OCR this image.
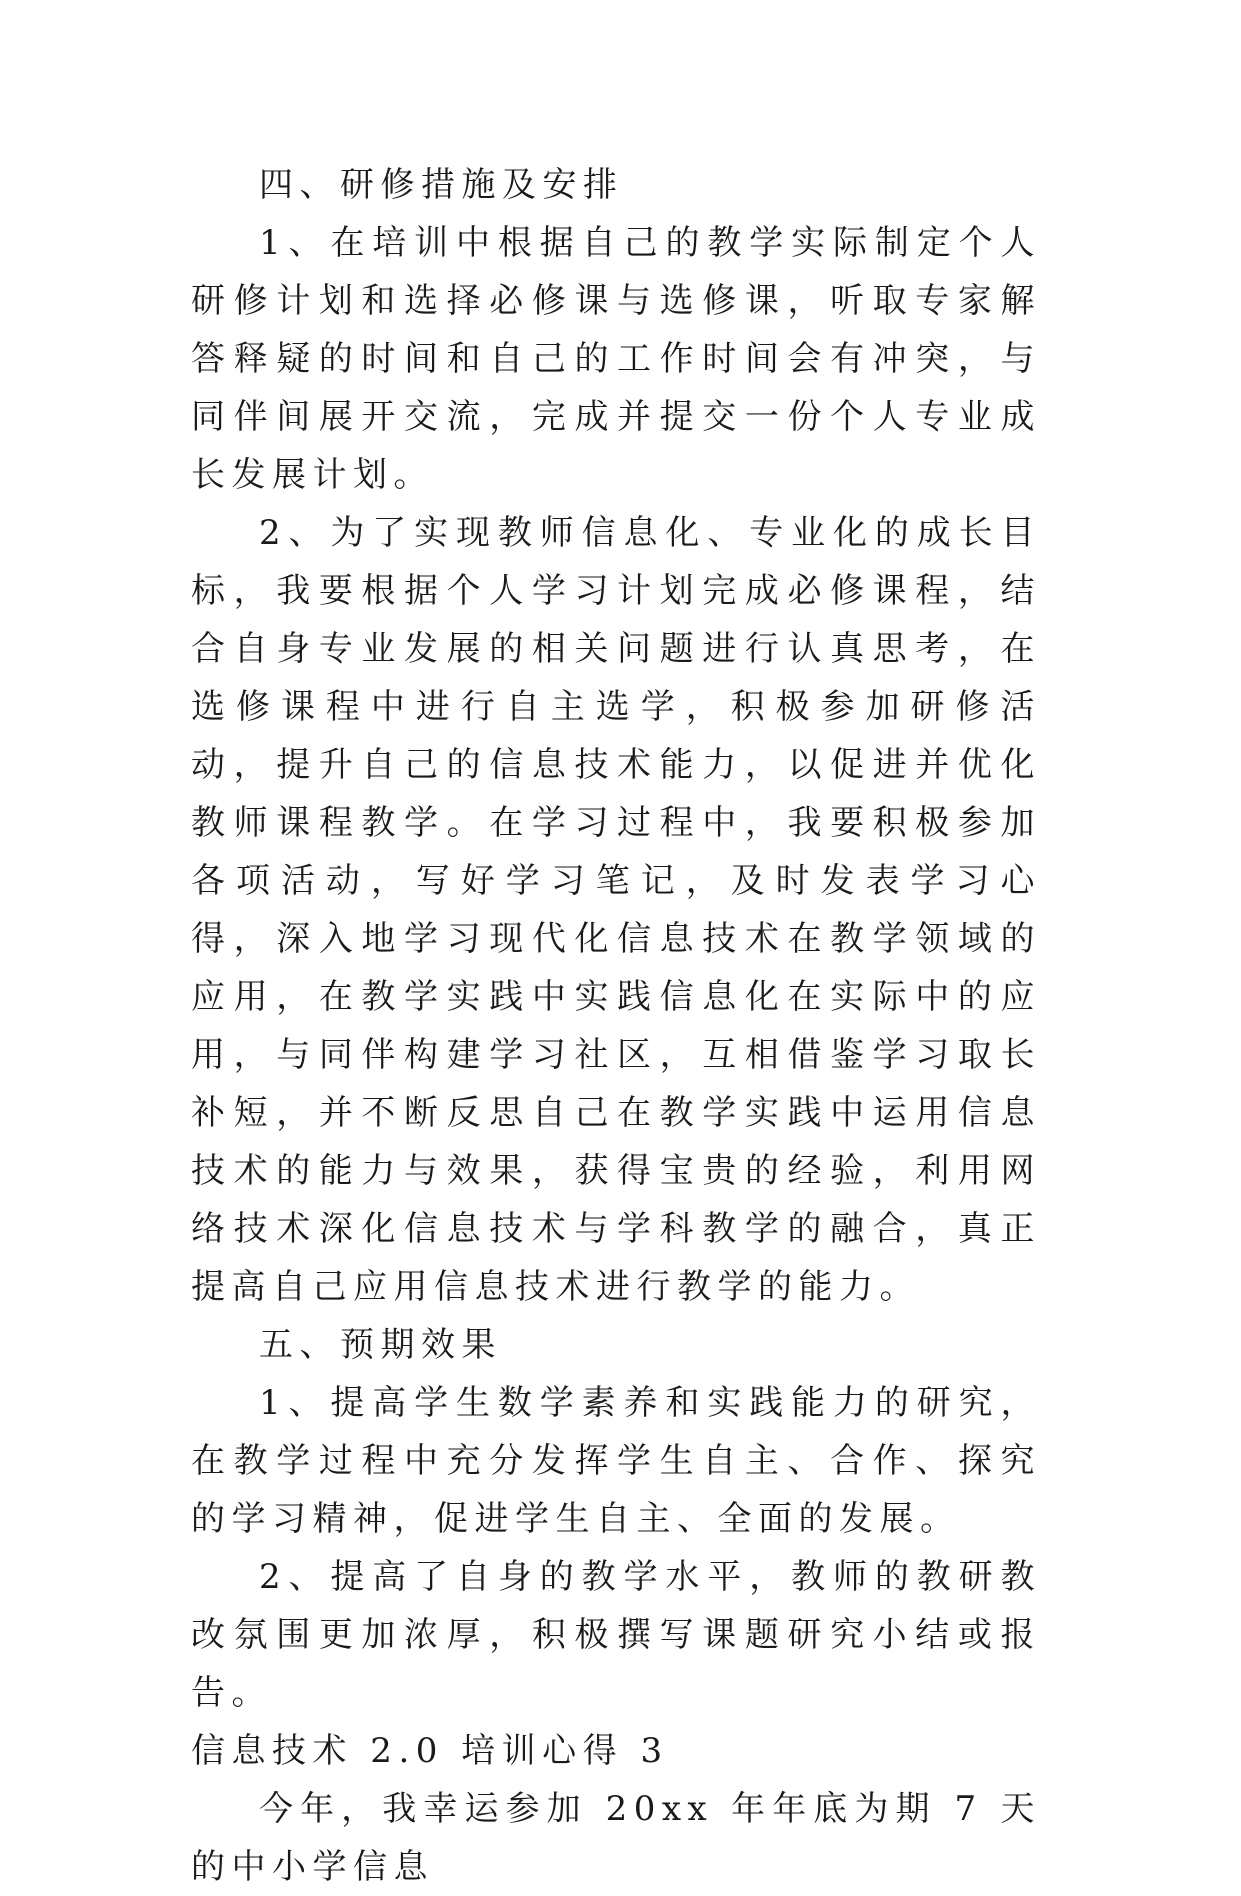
四、研修措施及安排

1、在培训中根据自己的教学实际制定个人研修计划和选择必修课与选修课，听取专家解答释疑的时间和自己的工作时间会有冲突，与同伴间展开交流，完成并提交一份个人专业成长发展计划。

2、为了实现教师信息化、专业化的成长目标，我要根据个人学习计划完成必修课程，结合自身专业发展的相关问题进行认真思考，在选修课程中进行自主选学，积极参加研修活动，提升自己的信息技术能力，以促进并优化教师课程教学。在学习过程中，我要积极参加各项活动，写好学习笔记，及时发表学习心得，深入地学习现代化信息技术在教学领域的应用，在教学实践中实践信息化在实际中的应用，与同伴构建学习社区，互相借鉴学习取长补短，并不断反思自己在教学实践中运用信息技术的能力与效果，获得宝贵的经验，利用网络技术深化信息技术与学科教学的融合，真正提高自己应用信息技术进行教学的能力。

五、预期效果

1、提高学生数学素养和实践能力的研究，在教学过程中充分发挥学生自主、合作、探究的学习精神，促进学生自主、全面的发展。

2、提高了自身的教学水平，教师的教研教改氛围更加浓厚，积极撰写课题研究小结或报告。

信息技术 2.0 培训心得 3

今年，我幸运参加 20xx 年年底为期 7 天的中小学信息
